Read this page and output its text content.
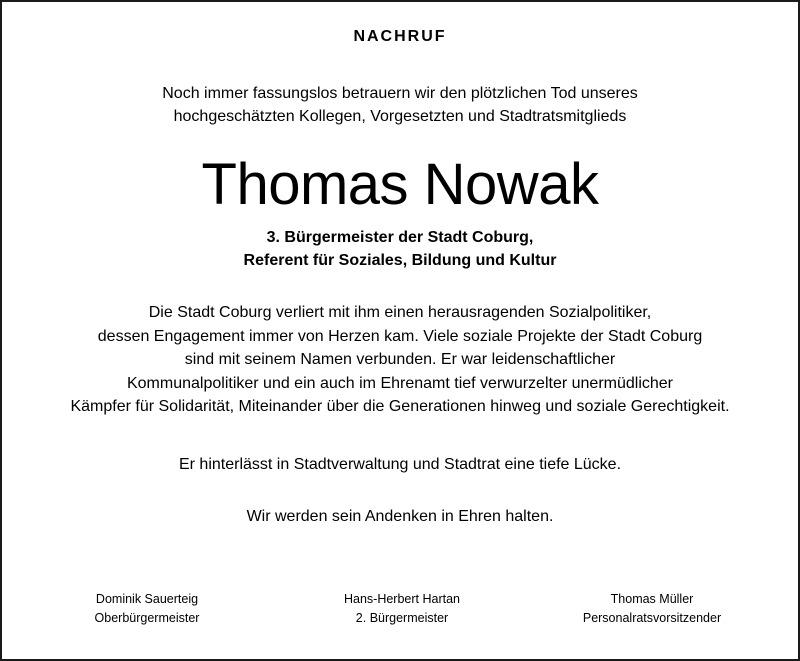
NACHRUF
Noch immer fassungslos betrauern wir den plötzlichen Tod unseres
hochgeschätzten Kollegen, Vorgesetzten und Stadtratsmitglieds
Thomas Nowak
3. Bürgermeister der Stadt Coburg,
Referent für Soziales, Bildung und Kultur
Die Stadt Coburg verliert mit ihm einen herausragenden Sozialpolitiker,
dessen Engagement immer von Herzen kam. Viele soziale Projekte der Stadt Coburg
sind mit seinem Namen verbunden. Er war leidenschaftlicher
Kommunalpolitiker und ein auch im Ehrenamt tief verwurzelter unermüdlicher
Kämpfer für Solidarität, Miteinander über die Generationen hinweg und soziale Gerechtigkeit.
Er hinterlässt in Stadtverwaltung und Stadtrat eine tiefe Lücke.
Wir werden sein Andenken in Ehren halten.
Dominik Sauerteig
Oberbürgermeister
Hans-Herbert Hartan
2. Bürgermeister
Thomas Müller
Personalratsvorsitzender
